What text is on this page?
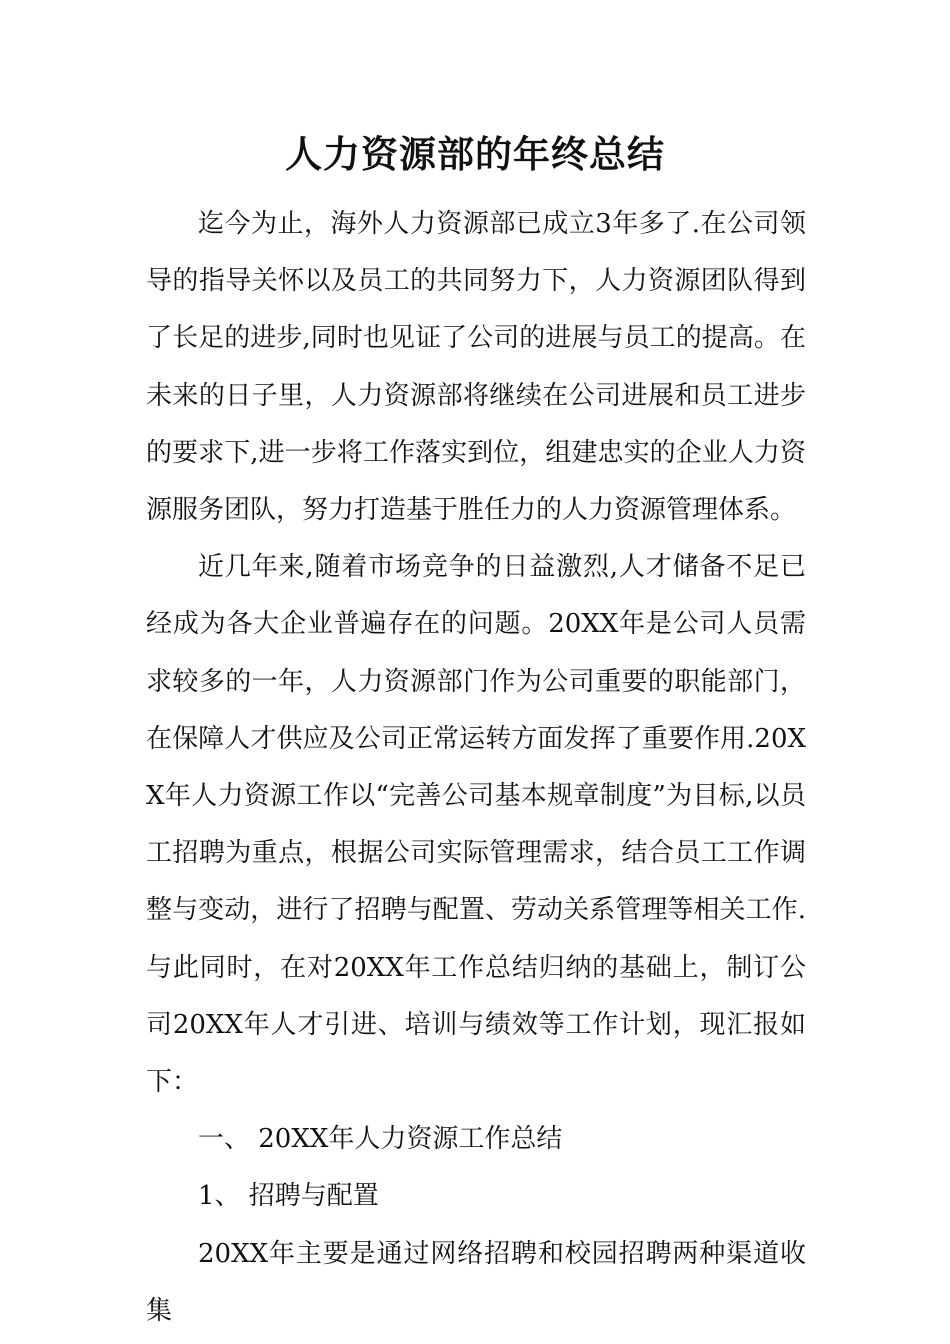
人力资源部的年终总结

迄今为止，海外人力资源部已成立3年多了.在公司领导的指导关怀以及员工的共同努力下，人力资源团队得到了长足的进步,同时也见证了公司的进展与员工的提高。在未来的日子里，人力资源部将继续在公司进展和员工进步的要求下,进一步将工作落实到位，组建忠实的企业人力资源服务团队，努力打造基于胜任力的人力资源管理体系。

近几年来,随着市场竞争的日益激烈,人才储备不足已经成为各大企业普遍存在的问题。20XX年是公司人员需求较多的一年，人力资源部门作为公司重要的职能部门，在保障人才供应及公司正常运转方面发挥了重要作用.20XX年人力资源工作以“完善公司基本规章制度”为目标,以员工招聘为重点，根据公司实际管理需求，结合员工工作调整与变动，进行了招聘与配置、劳动关系管理等相关工作.与此同时，在对20XX年工作总结归纳的基础上，制订公司20XX年人才引进、培训与绩效等工作计划，现汇报如下：

一、 20XX年人力资源工作总结

1、 招聘与配置

20XX年主要是通过网络招聘和校园招聘两种渠道收集
